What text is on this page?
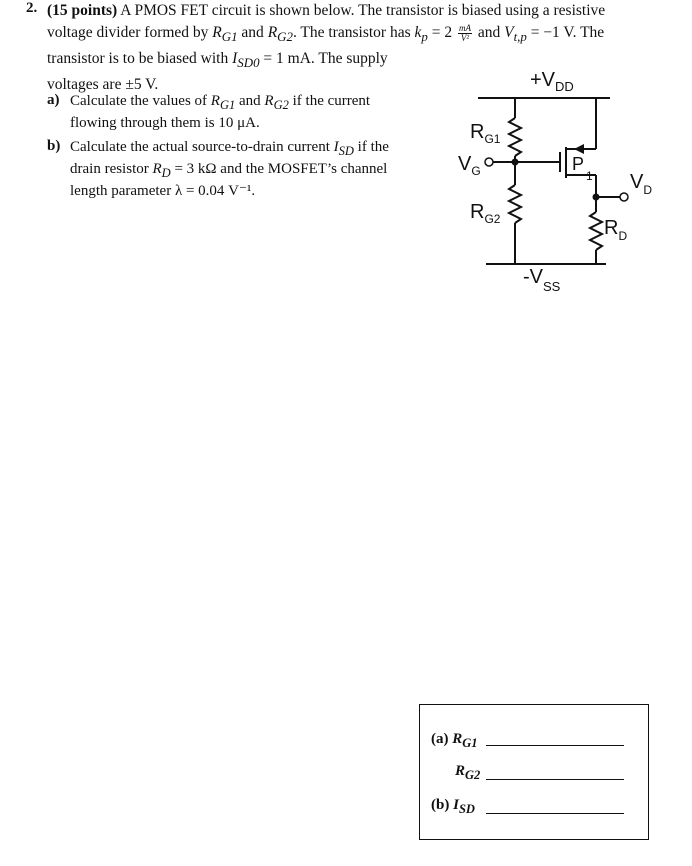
2. (15 points) A PMOS FET circuit is shown below. The transistor is biased using a resistive
voltage divider formed by $R_{G1}$ and $R_{G2}$. The transistor has $k_p = 2 \frac{mA}{\text{V²}}$ and $V_{t,p} = -1$ V. The
transistor is to be biased with $I_{SD0} = 1$ mA. The supply
voltages are ±5 V.
a) Calculate the values of $R_{G1}$ and $R_{G2}$ if the current
flowing through them is 10 μA.
b) Calculate the actual source-to-drain current $I_{SD}$ if the
drain resistor $R_D = 3$ kΩ and the MOSFET’s channel
length parameter λ = 0.04 V⁻¹.
$+V_{DD}$
$R_{G1}$
$V_G$
$R_{G2}$
$P_1$ $V_D$
$R_D$
$-V_{SS}$
(a) $R_{G1}$
$R_{G2}$
(b) $I_{SD}$
